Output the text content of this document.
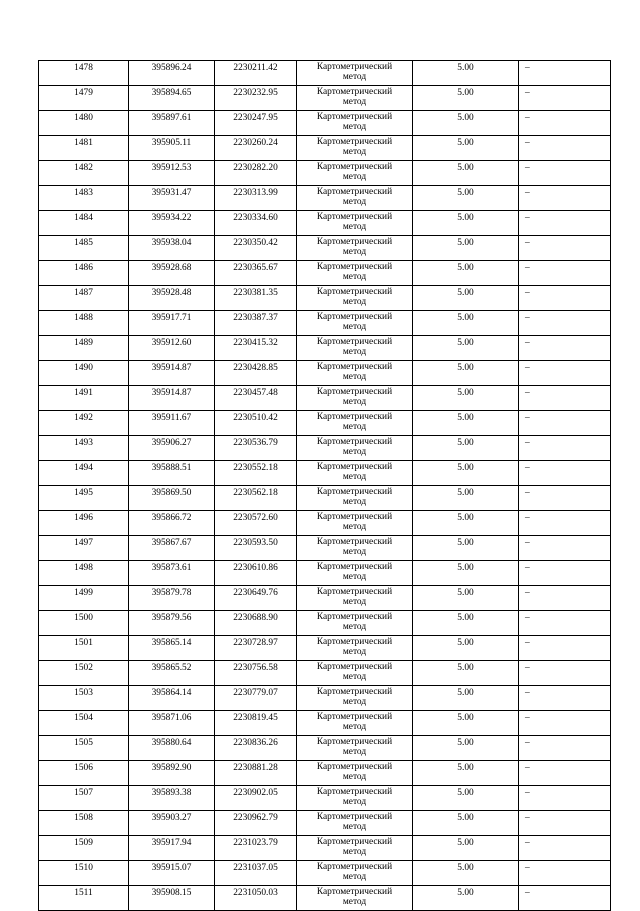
1478	395896.24	2230211.42	Картометрический
метод	5.00	–
1479	395894.65	2230232.95	Картометрический
метод	5.00	–
1480	395897.61	2230247.95	Картометрический
метод	5.00	–
1481	395905.11	2230260.24	Картометрический
метод	5.00	–
1482	395912.53	2230282.20	Картометрический
метод	5.00	–
1483	395931.47	2230313.99	Картометрический
метод	5.00	–
1484	395934.22	2230334.60	Картометрический
метод	5.00	–
1485	395938.04	2230350.42	Картометрический
метод	5.00	–
1486	395928.68	2230365.67	Картометрический
метод	5.00	–
1487	395928.48	2230381.35	Картометрический
метод	5.00	–
1488	395917.71	2230387.37	Картометрический
метод	5.00	–
1489	395912.60	2230415.32	Картометрический
метод	5.00	–
1490	395914.87	2230428.85	Картометрический
метод	5.00	–
1491	395914.87	2230457.48	Картометрический
метод	5.00	–
1492	395911.67	2230510.42	Картометрический
метод	5.00	–
1493	395906.27	2230536.79	Картометрический
метод	5.00	–
1494	395888.51	2230552.18	Картометрический
метод	5.00	–
1495	395869.50	2230562.18	Картометрический
метод	5.00	–
1496	395866.72	2230572.60	Картометрический
метод	5.00	–
1497	395867.67	2230593.50	Картометрический
метод	5.00	–
1498	395873.61	2230610.86	Картометрический
метод	5.00	–
1499	395879.78	2230649.76	Картометрический
метод	5.00	–
1500	395879.56	2230688.90	Картометрический
метод	5.00	–
1501	395865.14	2230728.97	Картометрический
метод	5.00	–
1502	395865.52	2230756.58	Картометрический
метод	5.00	–
1503	395864.14	2230779.07	Картометрический
метод	5.00	–
1504	395871.06	2230819.45	Картометрический
метод	5.00	–
1505	395880.64	2230836.26	Картометрический
метод	5.00	–
1506	395892.90	2230881.28	Картометрический
метод	5.00	–
1507	395893.38	2230902.05	Картометрический
метод	5.00	–
1508	395903.27	2230962.79	Картометрический
метод	5.00	–
1509	395917.94	2231023.79	Картометрический
метод	5.00	–
1510	395915.07	2231037.05	Картометрический
метод	5.00	–
1511	395908.15	2231050.03	Картометрический
метод	5.00	–
